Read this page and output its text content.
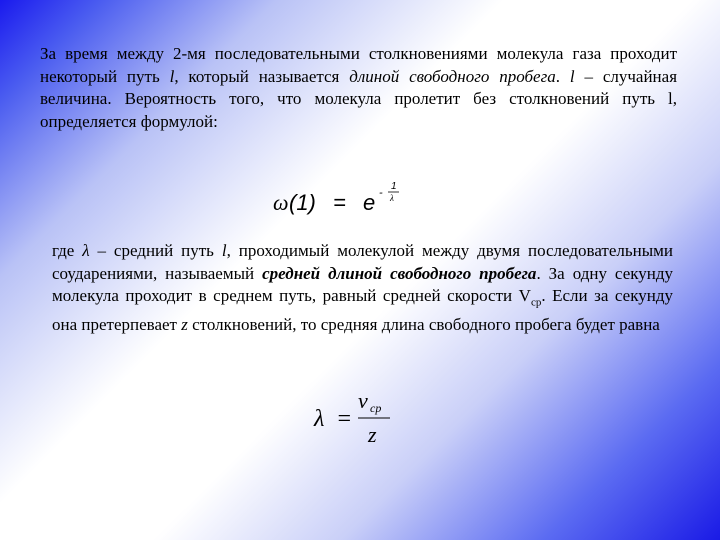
За время между 2-мя последовательными столкновениями молекула газа проходит некоторый путь l, который называется длиной свободного пробега. l – случайная величина. Вероятность того, что молекула пролетит без столкновений путь l, определяется формулой:
ω (1) = e -
1
λ
где λ – средний путь l, проходимый молекулой между двумя последовательными соударениями, называемый средней длиной свободного пробега. За одну секунду молекула проходит в среднем путь, равный средней скорости $V_{ср}$. Если за секунду она претерпевает z столкновений, то средняя длина свободного пробега будет равна
λ =
v ср
z
